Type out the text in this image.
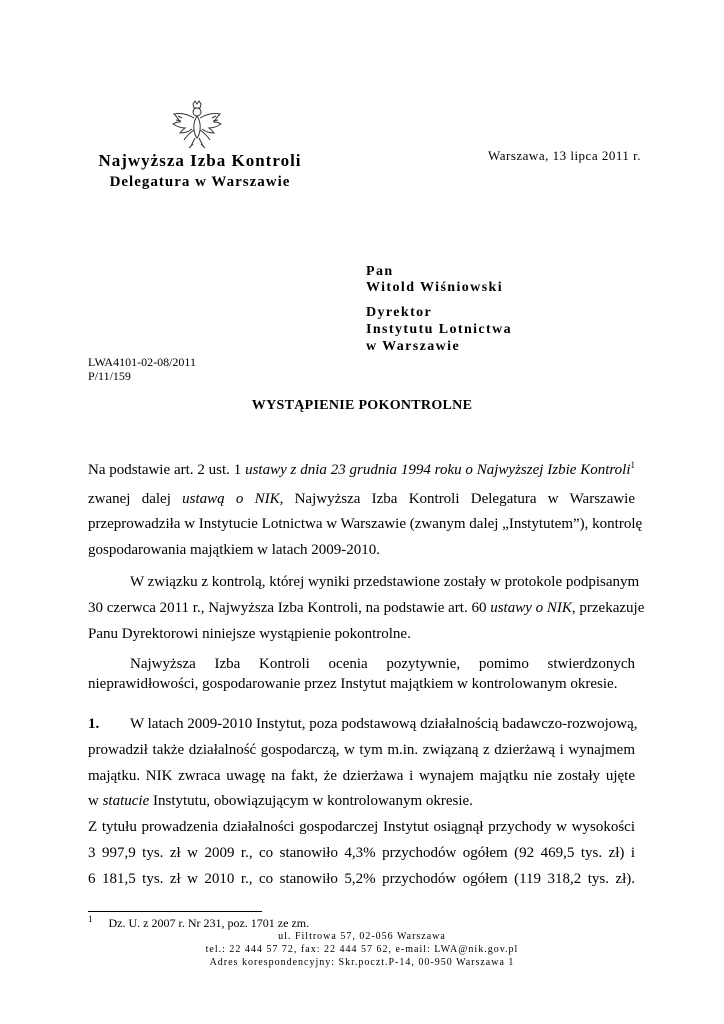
Najwyższa Izba Kontroli
Delegatura w Warszawie
Warszawa, 13 lipca 2011 r.
Pan
Witold Wiśniowski
Dyrektor
Instytutu Lotnictwa
w Warszawie
LWA4101-02-08/2011
P/11/159
WYSTĄPIENIE POKONTROLNE
Na podstawie art. 2 ust. 1 ustawy z dnia 23 grudnia 1994 roku o Najwyższej Izbie Kontroli$^1$
zwanej dalej ustawą o NIK, Najwyższa Izba Kontroli Delegatura w Warszawie
przeprowadziła w Instytucie Lotnictwa w Warszawie (zwanym dalej „Instytutem”), kontrolę
gospodarowania majątkiem w latach 2009-2010.
W związku z kontrolą, której wyniki przedstawione zostały w protokole podpisanym
30 czerwca 2011 r., Najwyższa Izba Kontroli, na podstawie art. 60 ustawy o NIK, przekazuje
Panu Dyrektorowi niniejsze wystąpienie pokontrolne.
Najwyższa Izba Kontroli ocenia pozytywnie, pomimo stwierdzonych
nieprawidłowości, gospodarowanie przez Instytut majątkiem w kontrolowanym okresie.
1.	W latach 2009-2010 Instytut, poza podstawową działalnością badawczo-rozwojową,
prowadził także działalność gospodarczą, w tym m.in. związaną z dzierżawą i wynajmem
majątku. NIK zwraca uwagę na fakt, że dzierżawa i wynajem majątku nie zostały ujęte
w statucie Instytutu, obowiązującym w kontrolowanym okresie.
Z tytułu prowadzenia działalności gospodarczej Instytut osiągnął przychody w wysokości
3 997,9 tys. zł w 2009 r., co stanowiło 4,3% przychodów ogółem (92 469,5 tys. zł) i
6 181,5 tys. zł w 2010 r., co stanowiło 5,2% przychodów ogółem (119 318,2 tys. zł).
$^1$ Dz. U. z 2007 r. Nr 231, poz. 1701 ze zm.
ul. Filtrowa 57, 02-056 Warszawa
tel.: 22 444 57 72, fax: 22 444 57 62, e-mail: LWA@nik.gov.pl
Adres korespondencyjny: Skr.poczt.P-14, 00-950 Warszawa 1
